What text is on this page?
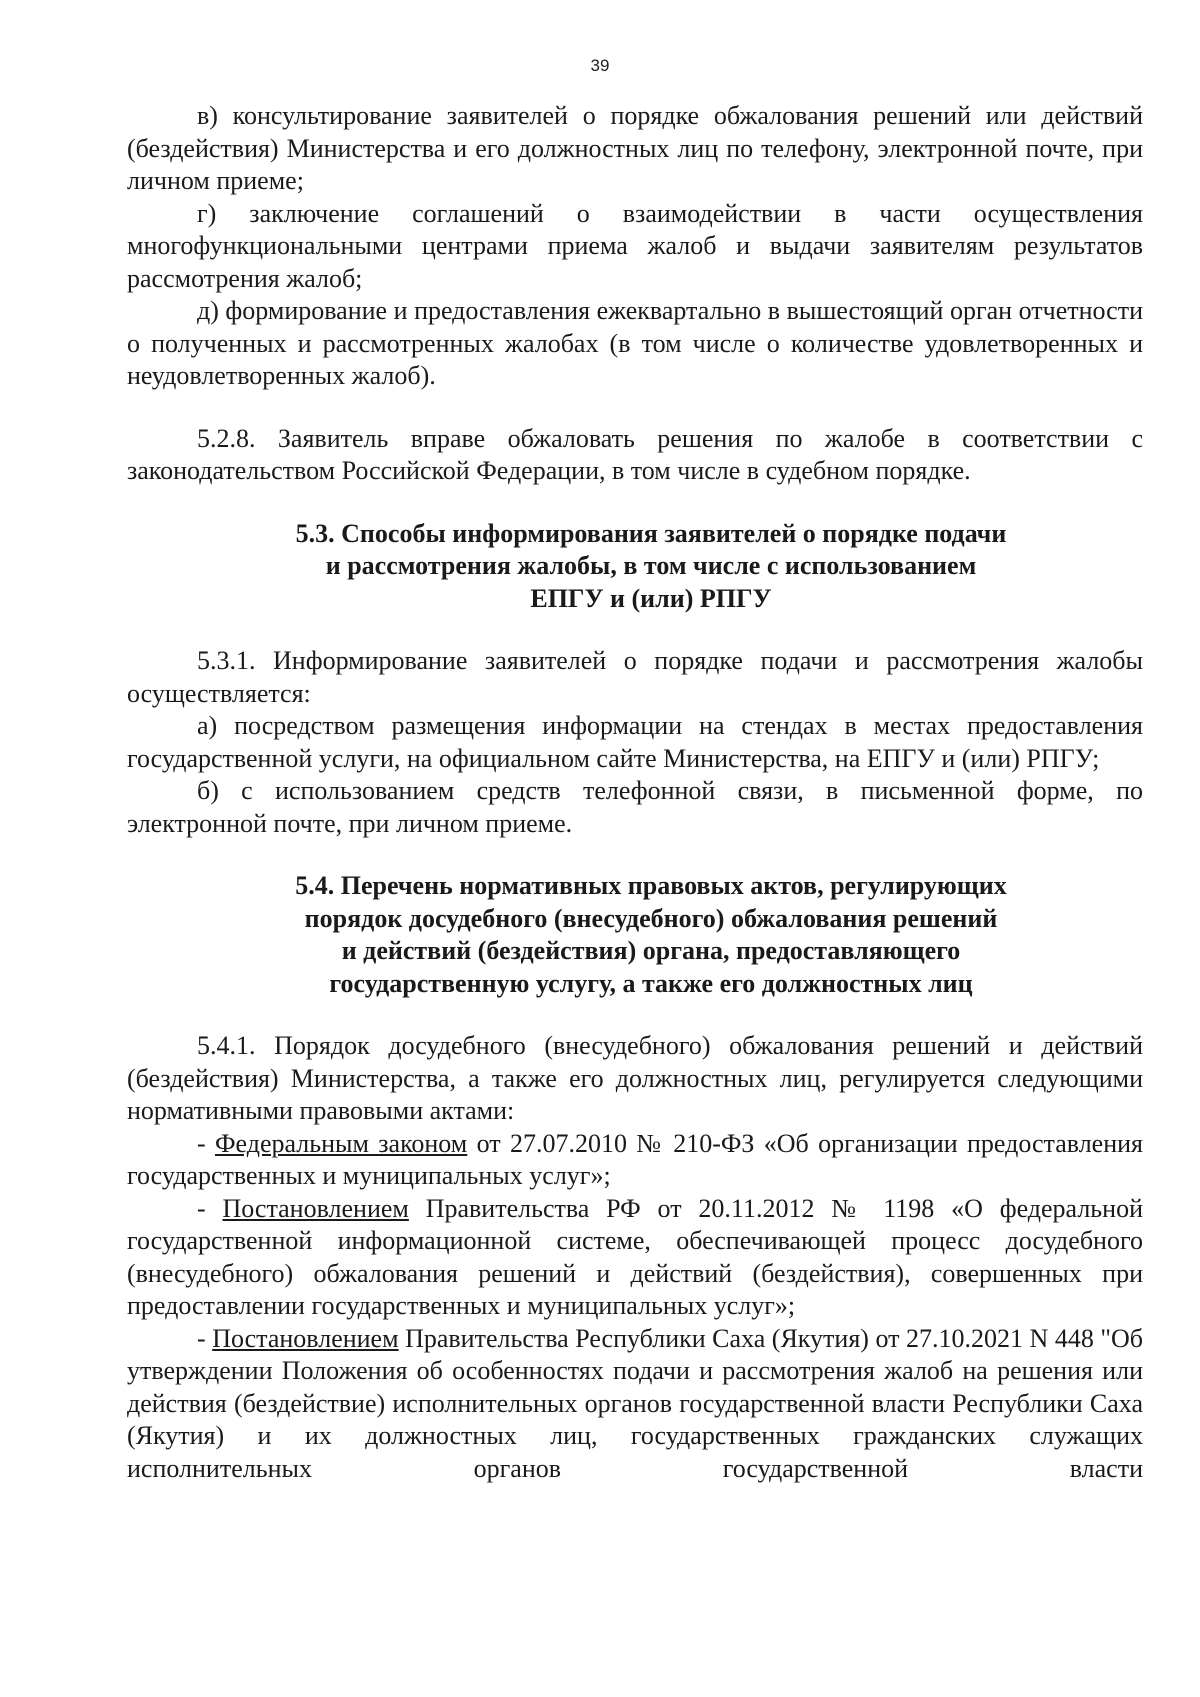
39

в) консультирование заявителей о порядке обжалования решений или действий (бездействия) Министерства и его должностных лиц по телефону, электронной почте, при личном приеме;

г) заключение соглашений о взаимодействии в части осуществления многофункциональными центрами приема жалоб и выдачи заявителям результатов рассмотрения жалоб;

д) формирование и предоставления ежеквартально в вышестоящий орган отчетности о полученных и рассмотренных жалобах (в том числе о количестве удовлетворенных и неудовлетворенных жалоб).

5.2.8. Заявитель вправе обжаловать решения по жалобе в соответствии с законодательством Российской Федерации, в том числе в судебном порядке.

5.3. Способы информирования заявителей о порядке подачи
и рассмотрения жалобы, в том числе с использованием
ЕПГУ и (или) РПГУ

5.3.1. Информирование заявителей о порядке подачи и рассмотрения жалобы осуществляется:

а) посредством размещения информации на стендах в местах предоставления государственной услуги, на официальном сайте Министерства, на ЕПГУ и (или) РПГУ;

б) с использованием средств телефонной связи, в письменной форме, по электронной почте, при личном приеме.

5.4. Перечень нормативных правовых актов, регулирующих
порядок досудебного (внесудебного) обжалования решений
и действий (бездействия) органа, предоставляющего
государственную услугу, а также его должностных лиц

5.4.1. Порядок досудебного (внесудебного) обжалования решений и действий (бездействия) Министерства, а также его должностных лиц, регулируется следующими нормативными правовыми актами:

- Федеральным законом от 27.07.2010 № 210-ФЗ «Об организации предоставления государственных и муниципальных услуг»;

- Постановлением Правительства РФ от 20.11.2012 № 1198 «О федеральной государственной информационной системе, обеспечивающей процесс досудебного (внесудебного) обжалования решений и действий (бездействия), совершенных при предоставлении государственных и муниципальных услуг»;

- Постановлением Правительства Республики Саха (Якутия) от 27.10.2021 N 448 "Об утверждении Положения об особенностях подачи и рассмотрения жалоб на решения или действия (бездействие) исполнительных органов государственной власти Республики Саха (Якутия) и их должностных лиц, государственных гражданских служащих исполнительных органов государственной власти
